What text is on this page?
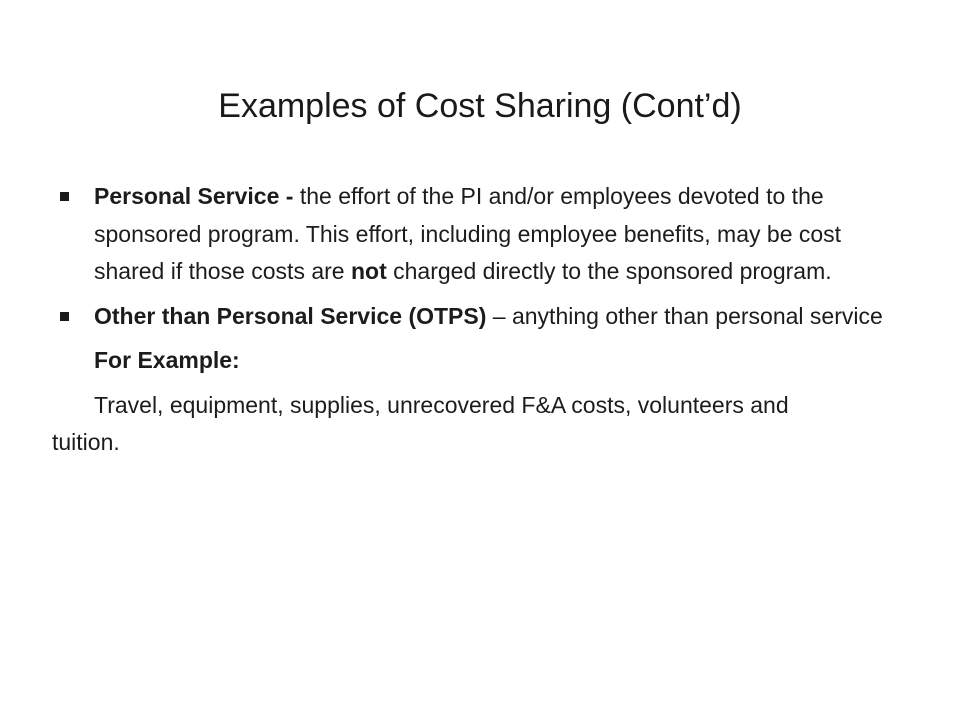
Examples of Cost Sharing (Cont’d)

Personal Service - the effort of the PI and/or employees devoted to the sponsored program. This effort, including employee benefits, may be cost shared if those costs are not charged directly to the sponsored program.

Other than Personal Service (OTPS) – anything other than personal service

For Example:

Travel, equipment, supplies, unrecovered F&A costs, volunteers and tuition.
